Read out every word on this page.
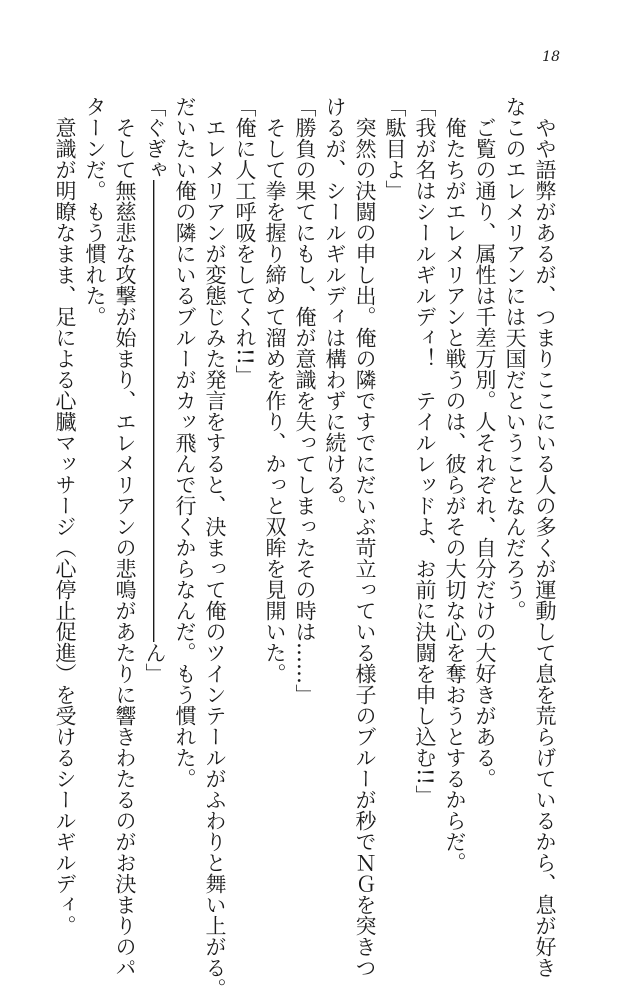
18

　やや語弊があるが、つまりここにいる人の多くが運動して息を荒らげているから、息が好き

なこのエレメリアンには天国だということなんだろう。

　ご覧の通り、属性は千差万別。人それぞれ、自分だけの大好きがある。

　俺たちがエレメリアンと戦うのは、彼らがその大切な心を奪おうとするからだ。

「我が名はシールギルディ！　テイルレッドよ、お前に決闘を申し込む!!」

「駄目よ」

　突然の決闘の申し出。俺の隣ですでにだいぶ苛立っている様子のブルーが秒でＮＧを突きつ

けるが、シールギルディは構わずに続ける。

「勝負の果てにもし、俺が意識を失ってしまったその時は……」

　そして拳を握り締めて溜めを作り、かっと双眸を見開いた。

「俺に人工呼吸をしてくれ!!」

　エレメリアンが変態じみた発言をすると、決まって俺のツインテールがふわりと舞い上がる。

だいたい俺の隣にいるブルーがカッ飛んで行くからなんだ。もう慣れた。

「ぐぎゃ――――――――――――――――――――――ん」

　そして無慈悲な攻撃が始まり、エレメリアンの悲鳴があたりに響きわたるのがお決まりのパ

ターンだ。もう慣れた。

　意識が明瞭なまま、足による心臓マッサージ（心停止促進）を受けるシールギルディ。
